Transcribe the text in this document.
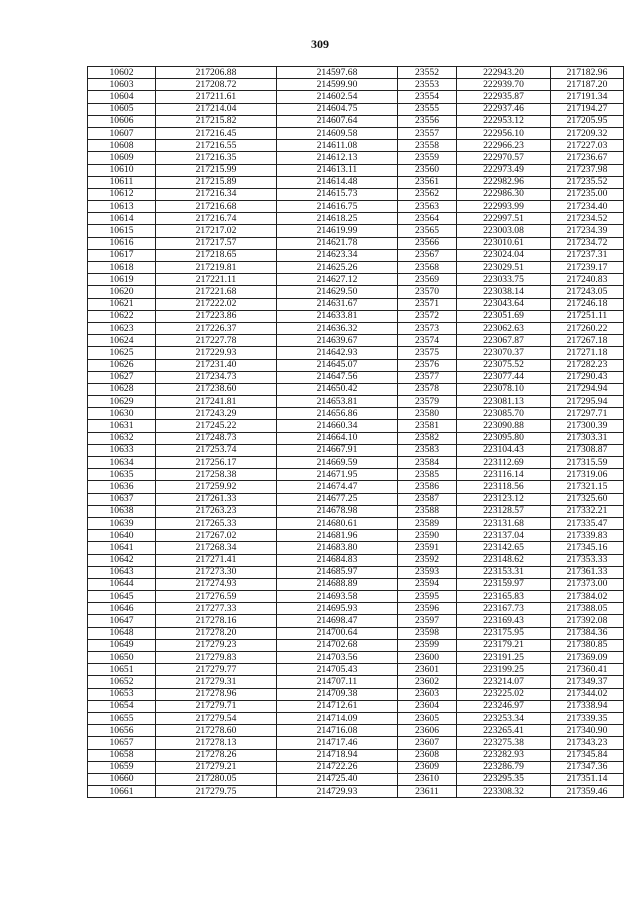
309
10602	217206.88	214597.68	23552	222943.20	217182.96
10603	217208.72	214599.90	23553	222939.70	217187.20
10604	217211.61	214602.54	23554	222935.87	217191.34
10605	217214.04	214604.75	23555	222937.46	217194.27
10606	217215.82	214607.64	23556	222953.12	217205.95
10607	217216.45	214609.58	23557	222956.10	217209.32
10608	217216.55	214611.08	23558	222966.23	217227.03
10609	217216.35	214612.13	23559	222970.57	217236.67
10610	217215.99	214613.11	23560	222973.49	217237.98
10611	217215.89	214614.48	23561	222982.96	217235.52
10612	217216.34	214615.73	23562	222986.30	217235.00
10613	217216.68	214616.75	23563	222993.99	217234.40
10614	217216.74	214618.25	23564	222997.51	217234.52
10615	217217.02	214619.99	23565	223003.08	217234.39
10616	217217.57	214621.78	23566	223010.61	217234.72
10617	217218.65	214623.34	23567	223024.04	217237.31
10618	217219.81	214625.26	23568	223029.51	217239.17
10619	217221.11	214627.12	23569	223033.75	217240.83
10620	217221.68	214629.50	23570	223038.14	217243.05
10621	217222.02	214631.67	23571	223043.64	217246.18
10622	217223.86	214633.81	23572	223051.69	217251.11
10623	217226.37	214636.32	23573	223062.63	217260.22
10624	217227.78	214639.67	23574	223067.87	217267.18
10625	217229.93	214642.93	23575	223070.37	217271.18
10626	217231.40	214645.07	23576	223075.52	217282.23
10627	217234.73	214647.56	23577	223077.44	217290.43
10628	217238.60	214650.42	23578	223078.10	217294.94
10629	217241.81	214653.81	23579	223081.13	217295.94
10630	217243.29	214656.86	23580	223085.70	217297.71
10631	217245.22	214660.34	23581	223090.88	217300.39
10632	217248.73	214664.10	23582	223095.80	217303.31
10633	217253.74	214667.91	23583	223104.43	217308.87
10634	217256.17	214669.59	23584	223112.69	217315.59
10635	217258.38	214671.95	23585	223116.14	217319.06
10636	217259.92	214674.47	23586	223118.56	217321.15
10637	217261.33	214677.25	23587	223123.12	217325.60
10638	217263.23	214678.98	23588	223128.57	217332.21
10639	217265.33	214680.61	23589	223131.68	217335.47
10640	217267.02	214681.96	23590	223137.04	217339.83
10641	217268.34	214683.80	23591	223142.65	217345.16
10642	217271.41	214684.83	23592	223148.62	217353.33
10643	217273.30	214685.97	23593	223153.31	217361.33
10644	217274.93	214688.89	23594	223159.97	217373.00
10645	217276.59	214693.58	23595	223165.83	217384.02
10646	217277.33	214695.93	23596	223167.73	217388.05
10647	217278.16	214698.47	23597	223169.43	217392.08
10648	217278.20	214700.64	23598	223175.95	217384.36
10649	217279.23	214702.68	23599	223179.21	217380.85
10650	217279.83	214703.56	23600	223191.25	217369.09
10651	217279.77	214705.43	23601	223199.25	217360.41
10652	217279.31	214707.11	23602	223214.07	217349.37
10653	217278.96	214709.38	23603	223225.02	217344.02
10654	217279.71	214712.61	23604	223246.97	217338.94
10655	217279.54	214714.09	23605	223253.34	217339.35
10656	217278.60	214716.08	23606	223265.41	217340.90
10657	217278.13	214717.46	23607	223275.38	217343.23
10658	217278.26	214718.94	23608	223282.93	217345.84
10659	217279.21	214722.26	23609	223286.79	217347.36
10660	217280.05	214725.40	23610	223295.35	217351.14
10661	217279.75	214729.93	23611	223308.32	217359.46
